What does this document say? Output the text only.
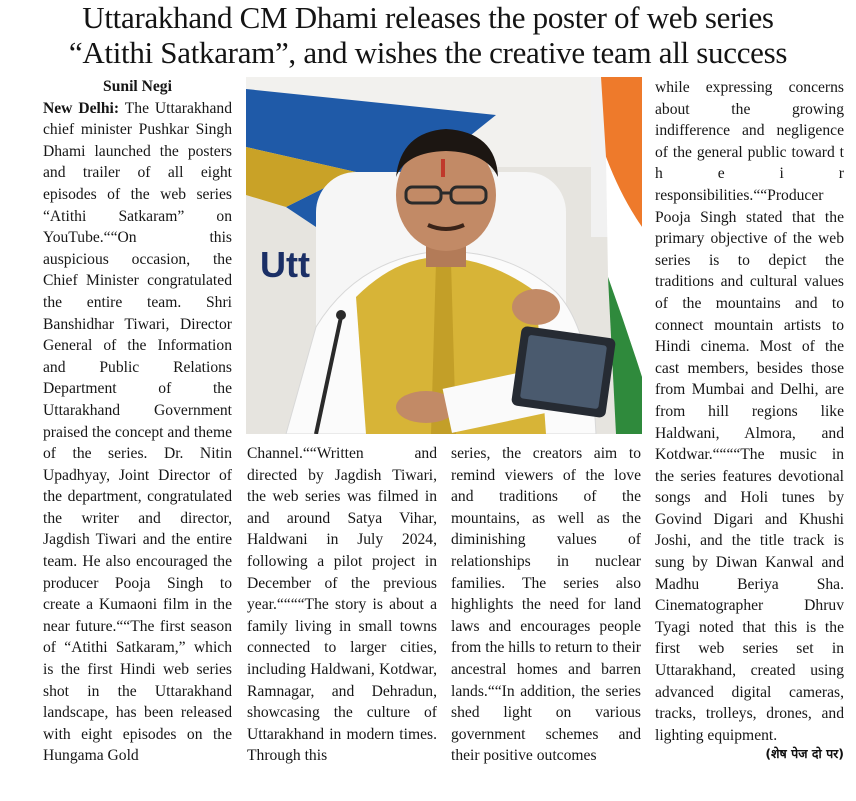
Uttarakhand CM Dhami releases the poster of web series
“Atithi Satkaram”, and wishes the creative team all success
Sunil Negi

New Delhi: The Uttarakhand chief minister Pushkar Singh Dhami launched the posters and trailer of all eight episodes of the web series “Atithi Satkaram” on YouTube.““On this auspicious occasion, the Chief Minister congratulated the entire team. Shri Banshidhar Tiwari, Director General of the Information and Public Relations Department of the Uttarakhand Government praised the concept and theme of the series. Dr. Nitin Upadhyay, Joint Director of the department, congratulated the writer and director, Jagdish Tiwari and the entire team. He also encouraged the producer Pooja Singh to create a Kumaoni film in the near future.““The first season of “Atithi Satkaram,” which is the first Hindi web series shot in the Uttarakhand landscape, has been released with eight episodes on the Hungama Gold

Utt

Channel.““Written and directed by Jagdish Tiwari, the web series was filmed in and around Satya Vihar, Haldwani in July 2024, following a pilot project in December of the previous year.““““The story is about a family living in small towns connected to larger cities, including Haldwani, Kotdwar, Ramnagar, and Dehradun, showcasing the culture of Uttarakhand in modern times. Through this

series, the creators aim to remind viewers of the love and traditions of the mountains, as well as the diminishing values of relationships in nuclear families. The series also highlights the need for land laws and encourages people from the hills to return to their ancestral homes and barren lands.““In addition, the series shed light on various government schemes and their positive outcomes

while expressing concerns about the growing indifference and negligence of the general public toward t h e i r responsibilities.““Producer Pooja Singh stated that the primary objective of the web series is to depict the traditions and cultural values of the mountains and to connect mountain artists to Hindi cinema. Most of the cast members, besides those from Mumbai and Delhi, are from hill regions like Haldwani, Almora, and Kotdwar.““““The music in the series features devotional songs and Holi tunes by Govind Digari and Khushi Joshi, and the title track is sung by Diwan Kanwal and Madhu Beriya Sha. Cinematographer Dhruv Tyagi noted that this is the first web series set in Uttarakhand, created using advanced digital cameras, tracks, trolleys, drones, and lighting equipment.

(शेष पेज दो पर)
